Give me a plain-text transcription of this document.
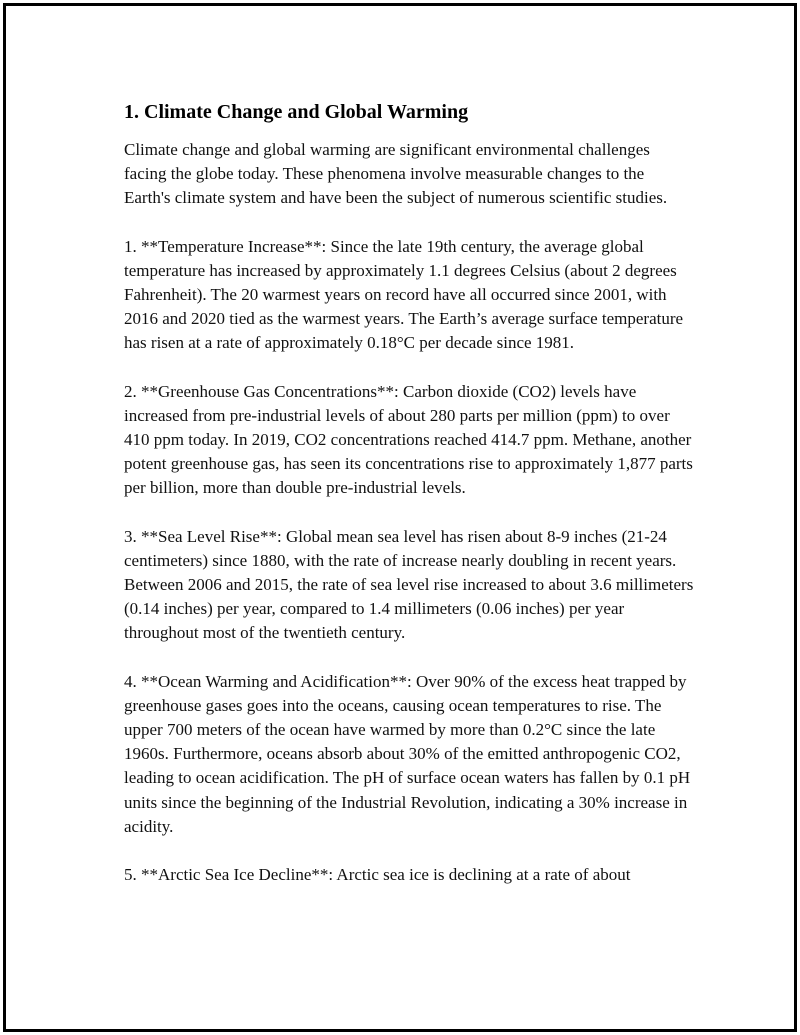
1. Climate Change and Global Warming

Climate change and global warming are significant environmental challenges facing the globe today. These phenomena involve measurable changes to the Earth's climate system and have been the subject of numerous scientific studies.

1. **Temperature Increase**: Since the late 19th century, the average global temperature has increased by approximately 1.1 degrees Celsius (about 2 degrees Fahrenheit). The 20 warmest years on record have all occurred since 2001, with 2016 and 2020 tied as the warmest years. The Earth’s average surface temperature has risen at a rate of approximately 0.18°C per decade since 1981.

2. **Greenhouse Gas Concentrations**: Carbon dioxide (CO2) levels have increased from pre-industrial levels of about 280 parts per million (ppm) to over 410 ppm today. In 2019, CO2 concentrations reached 414.7 ppm. Methane, another potent greenhouse gas, has seen its concentrations rise to approximately 1,877 parts per billion, more than double pre-industrial levels.

3. **Sea Level Rise**: Global mean sea level has risen about 8-9 inches (21-24 centimeters) since 1880, with the rate of increase nearly doubling in recent years. Between 2006 and 2015, the rate of sea level rise increased to about 3.6 millimeters (0.14 inches) per year, compared to 1.4 millimeters (0.06 inches) per year throughout most of the twentieth century.

4. **Ocean Warming and Acidification**: Over 90% of the excess heat trapped by greenhouse gases goes into the oceans, causing ocean temperatures to rise. The upper 700 meters of the ocean have warmed by more than 0.2°C since the late 1960s. Furthermore, oceans absorb about 30% of the emitted anthropogenic CO2, leading to ocean acidification. The pH of surface ocean waters has fallen by 0.1 pH units since the beginning of the Industrial Revolution, indicating a 30% increase in acidity.

5. **Arctic Sea Ice Decline**: Arctic sea ice is declining at a rate of about
